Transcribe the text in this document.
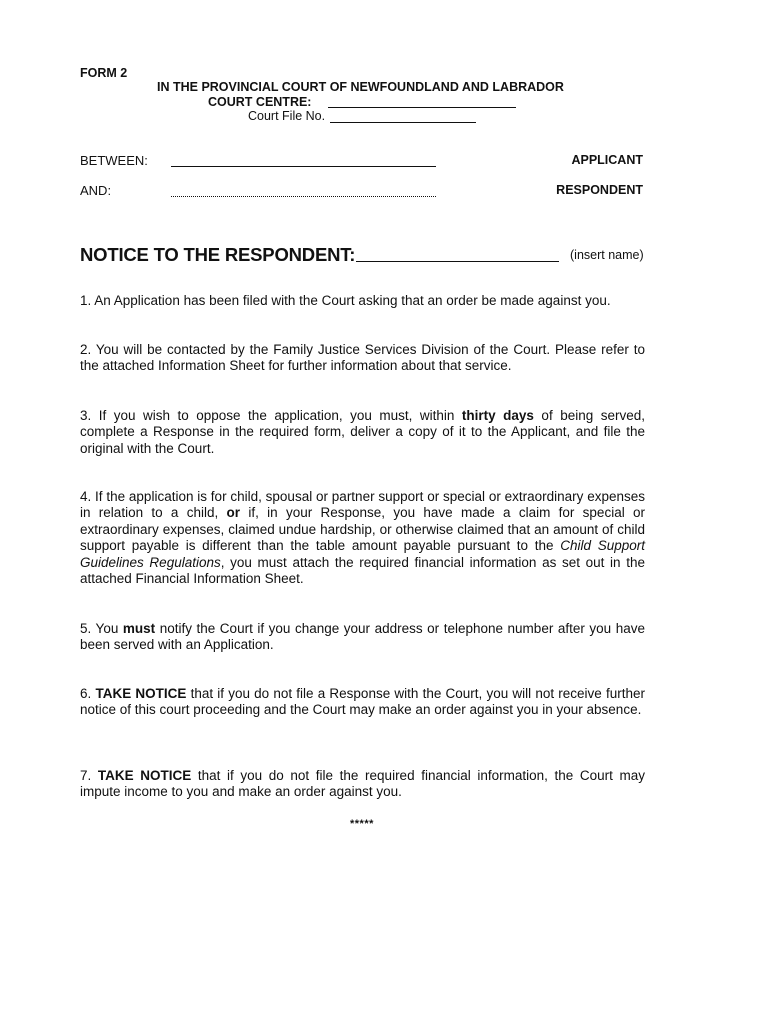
FORM 2
IN THE PROVINCIAL COURT OF NEWFOUNDLAND AND LABRADOR
COURT CENTRE:
Court File No.
BETWEEN:	APPLICANT
AND:	RESPONDENT
NOTICE TO THE RESPONDENT:	(insert name)
1. An Application has been filed with the Court asking that an order be made against you.
2. You will be contacted by the Family Justice Services Division of the Court. Please refer to the attached Information Sheet for further information about that service.
3. If you wish to oppose the application, you must, within thirty days of being served, complete a Response in the required form, deliver a copy of it to the Applicant, and file the original with the Court.
4. If the application is for child, spousal or partner support or special or extraordinary expenses in relation to a child, or if, in your Response, you have made a claim for special or extraordinary expenses, claimed undue hardship, or otherwise claimed that an amount of child support payable is different than the table amount payable pursuant to the Child Support Guidelines Regulations, you must attach the required financial information as set out in the attached Financial Information Sheet.
5. You must notify the Court if you change your address or telephone number after you have been served with an Application.
6. TAKE NOTICE that if you do not file a Response with the Court, you will not receive further notice of this court proceeding and the Court may make an order against you in your absence.
7. TAKE NOTICE that if you do not file the required financial information, the Court may impute income to you and make an order against you.
*****
